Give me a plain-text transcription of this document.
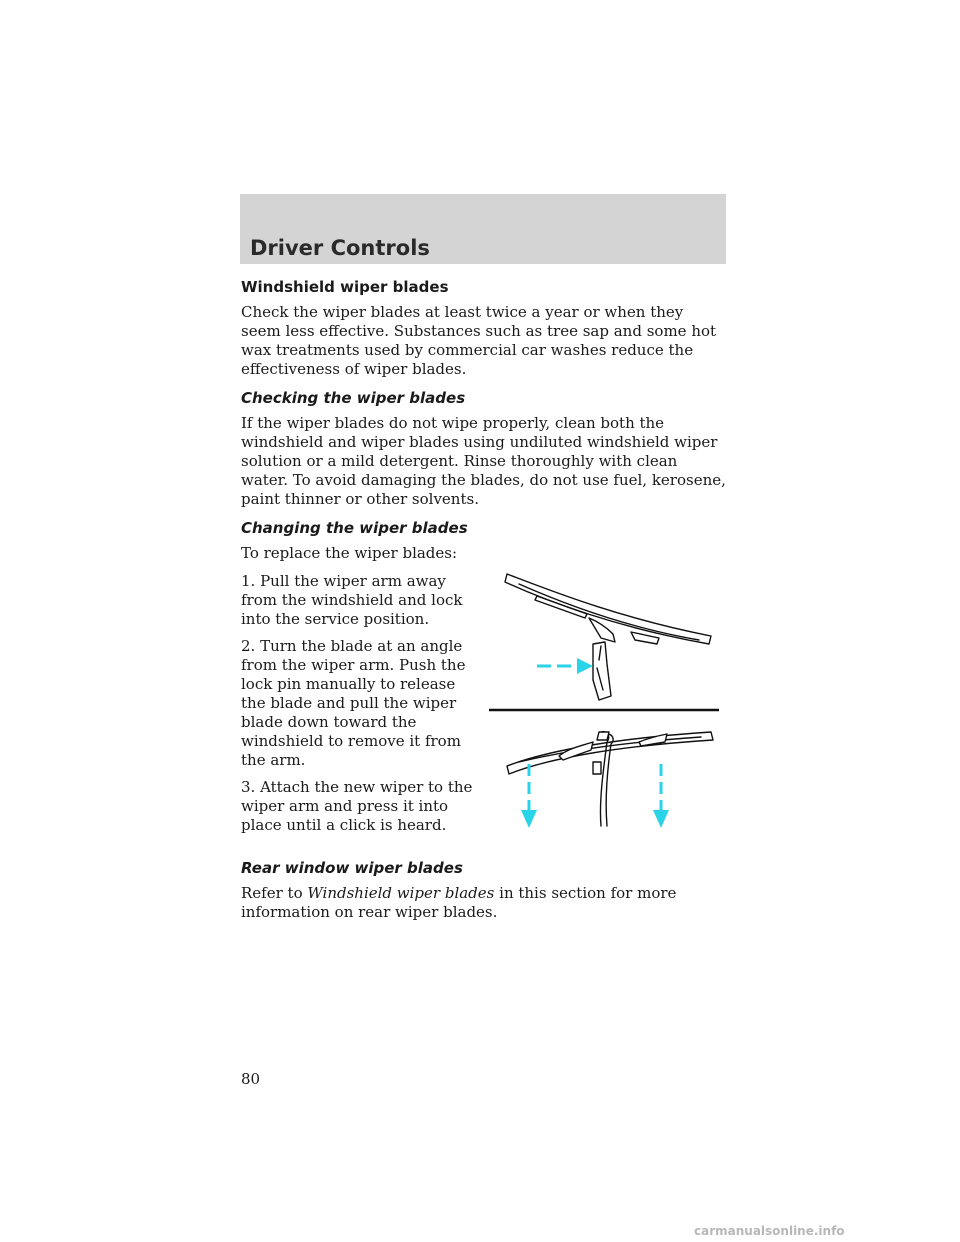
Driver Controls
Windshield wiper blades

Check the wiper blades at least twice a year or when they seem less effective. Substances such as tree sap and some hot wax treatments used by commercial car washes reduce the effectiveness of wiper blades.

Checking the wiper blades

If the wiper blades do not wipe properly, clean both the windshield and wiper blades using undiluted windshield wiper solution or a mild detergent. Rinse thoroughly with clean water. To avoid damaging the blades, do not use fuel, kerosene, paint thinner or other solvents.

Changing the wiper blades

To replace the wiper blades:

1. Pull the wiper arm away from the windshield and lock into the service position.

2. Turn the blade at an angle from the wiper arm. Push the lock pin manually to release the blade and pull the wiper blade down toward the windshield to remove it from the arm.

3. Attach the new wiper to the wiper arm and press it into place until a click is heard.

Rear window wiper blades

Refer to Windshield wiper blades in this section for more information on rear wiper blades.

80

carmanualsonline.info
